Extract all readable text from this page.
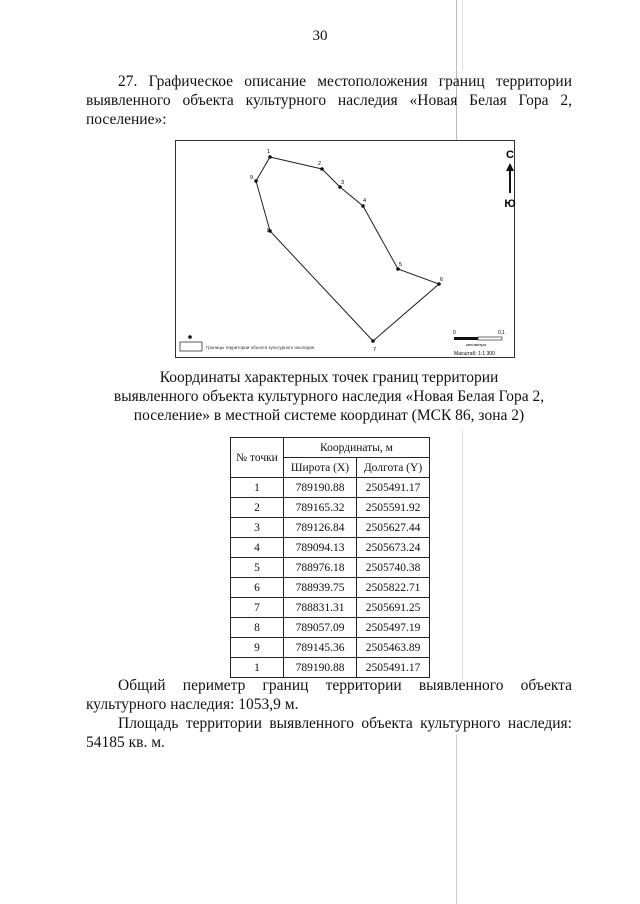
30

27. Графическое описание местоположения границ территории выявленного объекта культурного наследия «Новая Белая Гора 2, поселение»:

1
2
3
4
5
6
7
8
9
С
Ю
Границы территории объекта культурного наследия
0	0,1
километры
Масштаб: 1:1 300
Координаты характерных точек границ территории
выявленного объекта культурного наследия «Новая Белая Гора 2,
поселение» в местной системе координат (МСК 86, зона 2)
№ точки	Координаты, м	
	Широта (X)	Долгота (Y)
1	789190.88	2505491.17
2	789165.32	2505591.92
3	789126.84	2505627.44
4	789094.13	2505673.24
5	788976.18	2505740.38
6	788939.75	2505822.71
7	788831.31	2505691.25
8	789057.09	2505497.19
9	789145.36	2505463.89
1	789190.88	2505491.17

Общий периметр границ территории выявленного объекта культурного наследия: 1053,9 м.

Площадь территории выявленного объекта культурного наследия: 54185 кв. м.
